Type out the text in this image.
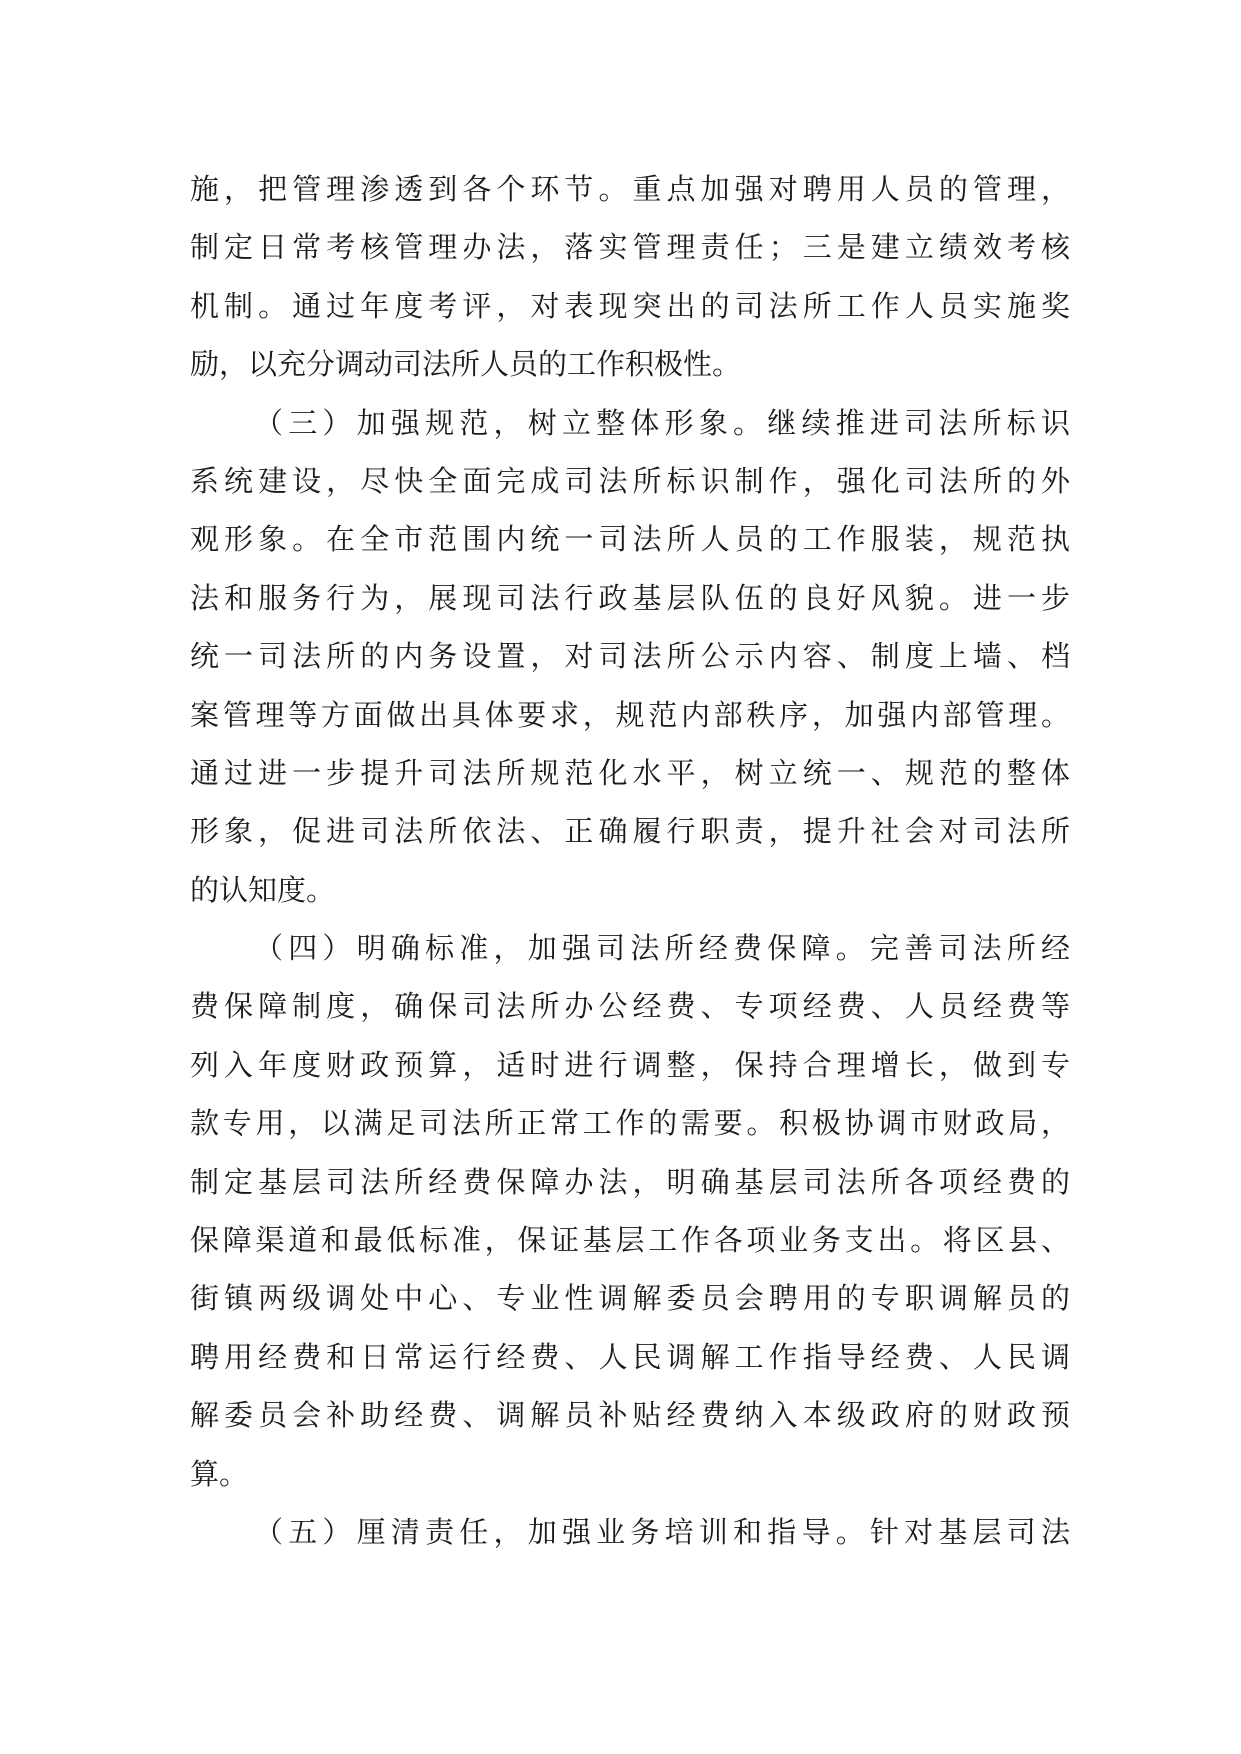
施，把管理渗透到各个环节。重点加强对聘用人员的管理，
制定日常考核管理办法，落实管理责任；三是建立绩效考核
机制。通过年度考评，对表现突出的司法所工作人员实施奖
励，以充分调动司法所人员的工作积极性。
（三）加强规范，树立整体形象。继续推进司法所标识
系统建设，尽快全面完成司法所标识制作，强化司法所的外
观形象。在全市范围内统一司法所人员的工作服装，规范执
法和服务行为，展现司法行政基层队伍的良好风貌。进一步
统一司法所的内务设置，对司法所公示内容、制度上墙、档
案管理等方面做出具体要求，规范内部秩序，加强内部管理。
通过进一步提升司法所规范化水平，树立统一、规范的整体
形象，促进司法所依法、正确履行职责，提升社会对司法所
的认知度。
（四）明确标准，加强司法所经费保障。完善司法所经
费保障制度，确保司法所办公经费、专项经费、人员经费等
列入年度财政预算，适时进行调整，保持合理增长，做到专
款专用，以满足司法所正常工作的需要。积极协调市财政局，
制定基层司法所经费保障办法，明确基层司法所各项经费的
保障渠道和最低标准，保证基层工作各项业务支出。将区县、
街镇两级调处中心、专业性调解委员会聘用的专职调解员的
聘用经费和日常运行经费、人民调解工作指导经费、人民调
解委员会补助经费、调解员补贴经费纳入本级政府的财政预
算。
（五）厘清责任，加强业务培训和指导。针对基层司法
